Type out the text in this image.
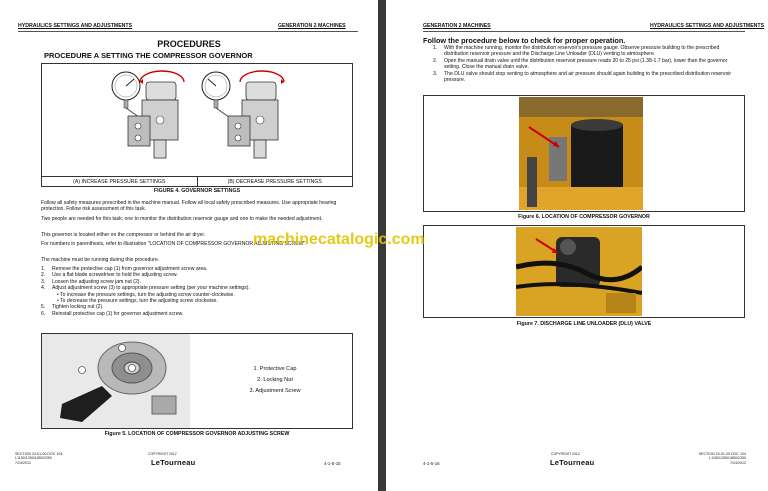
HYDRAULICS SETTINGS AND ADJUSTMENTS	GENERATION 2 MACHINES
PROCEDURES
PROCEDURE A SETTING THE COMPRESSOR GOVERNOR
(A) INCREASE PRESSURE SETTINGS	(B) DECREASE PRESSURE SETTINGS
FIGURE 4. GOVERNOR SETTINGS
Follow all safety measures prescribed in the machine manual. Follow all local safety prescribed measures. Use appropriate hearing protection. Follow risk assessment of this task.
Two people are needed for this task; one to monitor the distribution reservoir gauge and one to make the needed adjustment.
This governor is located either on the compressor or behind the air dryer.
For numbers in parenthesis, refer to illustration "LOCATION OF COMPRESSOR GOVERNOR ADJUSTING SCREW".
The machine must be running during this procedure.
1. Remove the protective cap (1) from governor adjustment screw area.
2. Use a flat blade screwdriver to hold the adjusting screw.
3. Loosen the adjusting screw jam nut (2).
4. Adjust adjustment screw (3) to appropriate pressure setting (per your machine settings).
• To increase the pressure settings, turn the adjusting screw counter-clockwise.
• To decrease the pressure settings, turn the adjusting screw clockwise.
5. Tighten locking nut (2).
6. Reinstall protective cap (1) for governor adjustment screw.
1. Protective Cap
2. Locking Nut
3. Adjustment Screw
Figure 5. LOCATION OF COMPRESSOR GOVERNOR ADJUSTING SCREW
SECTION 24-01-00.DOC 104
L1150/1350/1850/2350
7/24/2012
COPYRIGHT 2012
LeTourneau	4-1-5-15
GENERATION 2 MACHINES	HYDRAULICS SETTINGS AND ADJUSTMENTS
Follow the procedure below to check for proper operation.
1. With the machine running, monitor the distribution reservoir's pressure gauge. Observe pressure building to the prescribed distribution reservoir pressure and the Discharge Line Unloader (DLU) venting to atmosphere.
2. Open the manual drain valve until the distribution reservoir pressure reads 20 to 25 psi (1.38-1.7 bar), lower than the governor setting. Close the manual drain valve.
3. The DLU valve should stop venting to atmosphere and air pressure should again building to the prescribed distribution reservoir pressure.
Figure 6. LOCATION OF COMPRESSOR GOVERNOR
Figure 7. DISCHARGE LINE UNLOADER (DLU) VALVE
4-1-5-16
COPYRIGHT 2012
LeTourneau
SECTION 24-01-00.DOC 104
L1150/1350/1850/2350
7/24/2012
machinecatalogic.com
